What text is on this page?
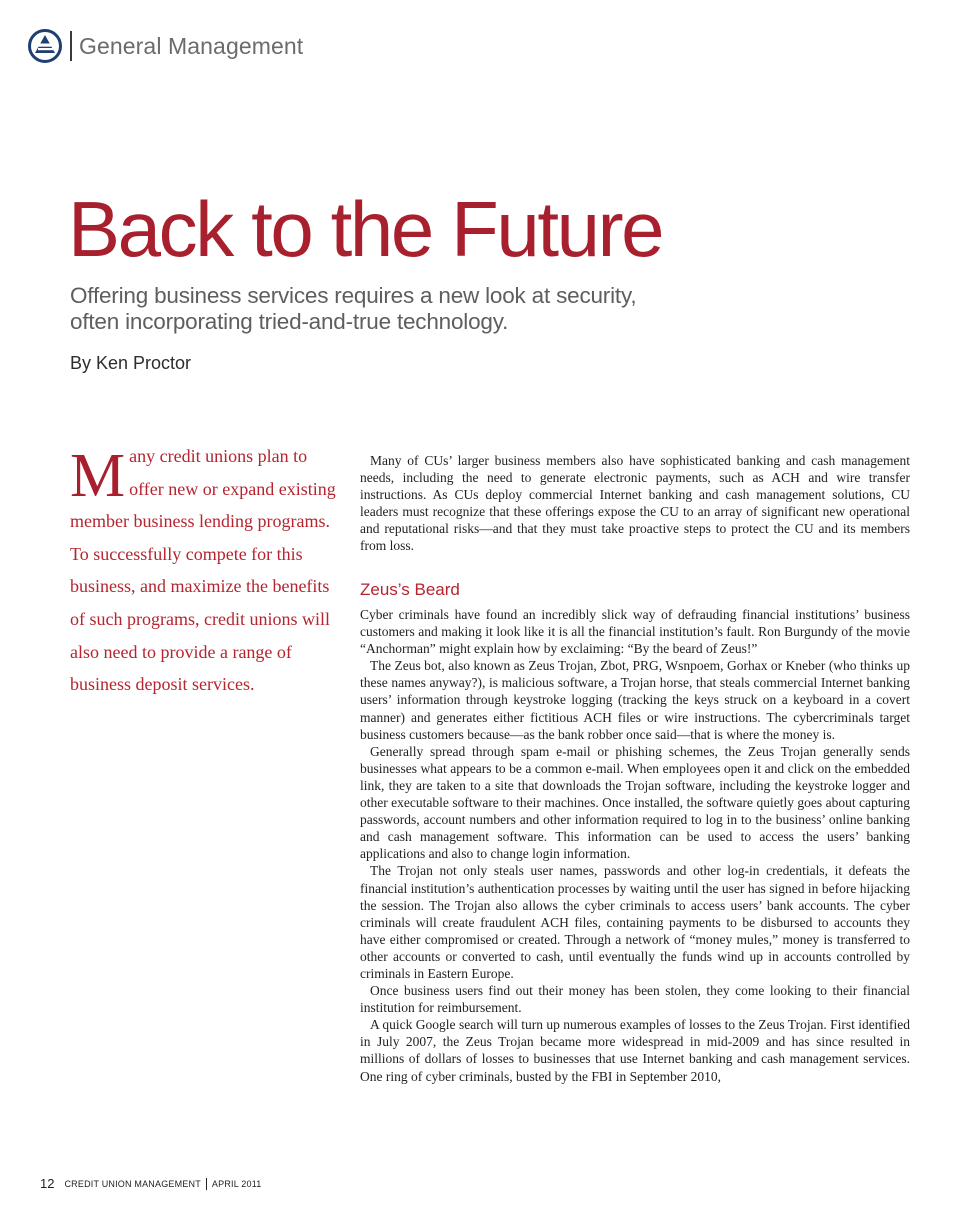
General Management
Back to the Future

Offering business services requires a new look at security, often incorporating tried-and-true technology.

By Ken Proctor
Many credit unions plan to offer new or expand existing member business lending programs. To successfully compete for this business, and maximize the benefits of such programs, credit unions will also need to provide a range of business deposit services.

Many of CUs’ larger business members also have sophisticated banking and cash management needs, including the need to generate electronic payments, such as ACH and wire transfer instructions. As CUs deploy commercial Internet banking and cash management solutions, CU leaders must recognize that these offerings expose the CU to an array of significant new operational and reputational risks—and that they must take proactive steps to protect the CU and its members from loss.

Zeus’s Beard

Cyber criminals have found an incredibly slick way of defrauding financial institutions’ business customers and making it look like it is all the financial institution’s fault. Ron Burgundy of the movie “Anchorman” might explain how by exclaiming: “By the beard of Zeus!”

The Zeus bot, also known as Zeus Trojan, Zbot, PRG, Wsnpoem, Gorhax or Kneber (who thinks up these names anyway?), is malicious software, a Trojan horse, that steals commercial Internet banking users’ information through keystroke logging (tracking the keys struck on a keyboard in a covert manner) and generates either fictitious ACH files or wire instructions. The cybercriminals target business customers because—as the bank robber once said—that is where the money is.

Generally spread through spam e-mail or phishing schemes, the Zeus Trojan generally sends businesses what appears to be a common e-mail. When employees open it and click on the embedded link, they are taken to a site that downloads the Trojan software, including the keystroke logger and other executable software to their machines. Once installed, the software quietly goes about capturing passwords, account numbers and other information required to log in to the business’ online banking and cash management software. This information can be used to access the users’ banking applications and also to change login information.

The Trojan not only steals user names, passwords and other log-in credentials, it defeats the financial institution’s authentication processes by waiting until the user has signed in before hijacking the session. The Trojan also allows the cyber criminals to access users’ bank accounts. The cyber criminals will create fraudulent ACH files, containing payments to be disbursed to accounts they have either compromised or created. Through a network of “money mules,” money is transferred to other accounts or converted to cash, until eventually the funds wind up in accounts controlled by criminals in Eastern Europe.

Once business users find out their money has been stolen, they come looking to their financial institution for reimbursement.

A quick Google search will turn up numerous examples of losses to the Zeus Trojan. First identified in July 2007, the Zeus Trojan became more widespread in mid-2009 and has since resulted in millions of dollars of losses to businesses that use Internet banking and cash management services. One ring of cyber criminals, busted by the FBI in September 2010,

12 CREDIT UNION MANAGEMENT APRIL 2011
